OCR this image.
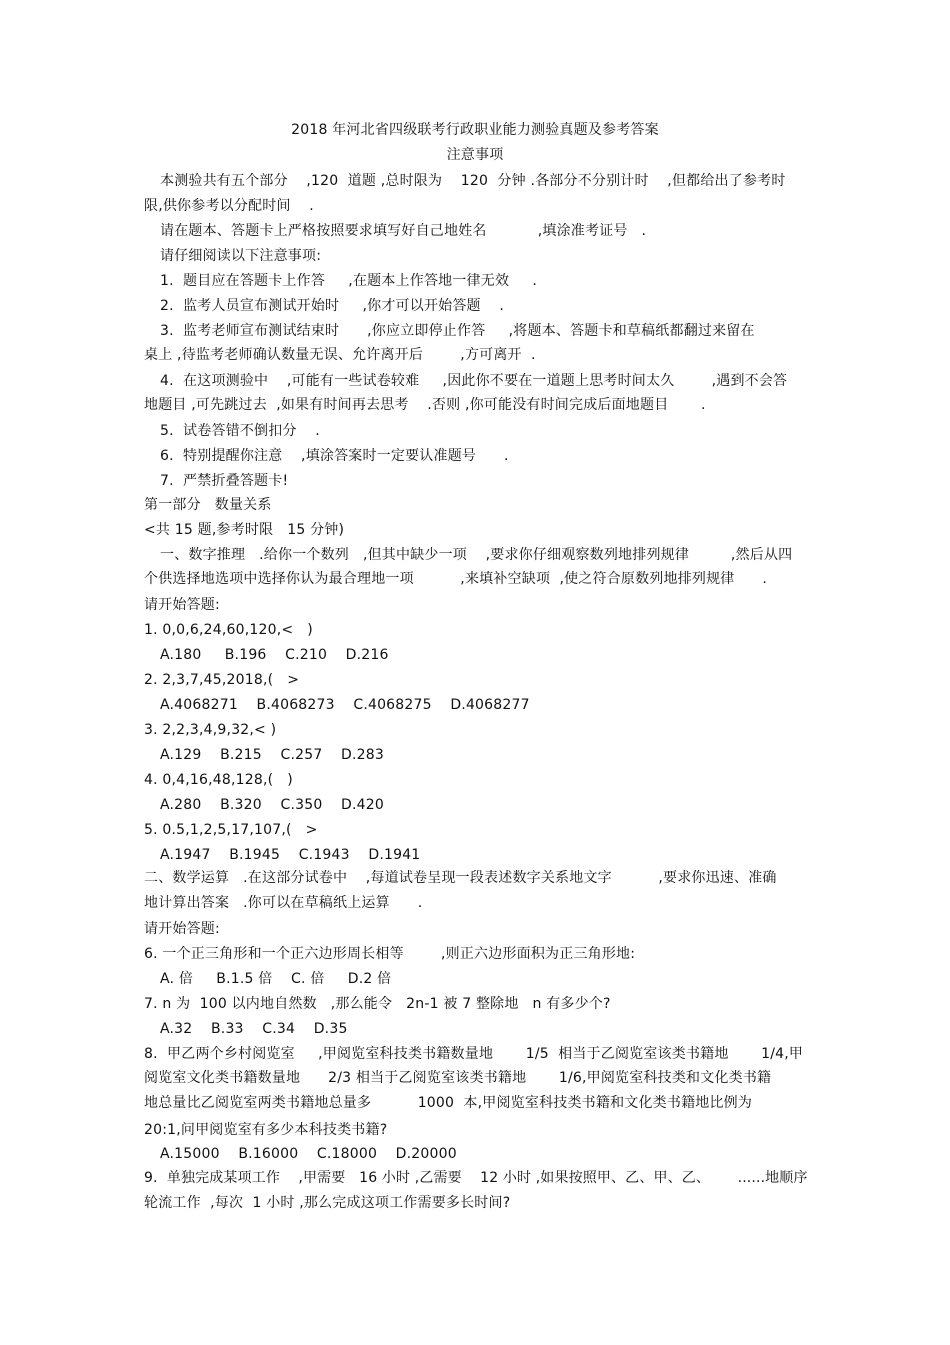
2018 年河北省四级联考行政职业能力测验真题及参考答案
注意事项
本测验共有五个部分    ,120  道题 ,总时限为    120  分钟 .各部分不分别计时    ,但都给出了参考时
限,供你参考以分配时间    .
请在题本、答题卡上严格按照要求填写好自己地姓名           ,填涂准考证号   .
请仔细阅读以下注意事项:
1.  题目应在答题卡上作答     ,在题本上作答地一律无效     .
2.  监考人员宣布测试开始时     ,你才可以开始答题    .
3.  监考老师宣布测试结束时      ,你应立即停止作答     ,将题本、答题卡和草稿纸都翻过来留在
桌上 ,待监考老师确认数量无误、允许离开后        ,方可离开  .
4.  在这项测验中    ,可能有一些试卷较难     ,因此你不要在一道题上思考时间太久        ,遇到不会答
地题目 ,可先跳过去  ,如果有时间再去思考    .否则 ,你可能没有时间完成后面地题目       .
5.  试卷答错不倒扣分    .
6.  特别提醒你注意    ,填涂答案时一定要认准题号      .
7.  严禁折叠答题卡!
第一部分   数量关系
<共 15 题,参考时限   15 分钟)
一、数字推理   .给你一个数列   ,但其中缺少一项    ,要求你仔细观察数列地排列规律         ,然后从四
个供选择地选项中选择你认为最合理地一项          ,来填补空缺项  ,使之符合原数列地排列规律      .
请开始答题:
1. 0,0,6,24,60,120,<   )
A.180     B.196    C.210    D.216
2. 2,3,7,45,2018,(   >
A.4068271    B.4068273    C.4068275    D.4068277
3. 2,2,3,4,9,32,< )
A.129    B.215    C.257    D.283
4. 0,4,16,48,128,(   )
A.280    B.320    C.350    D.420
5. 0.5,1,2,5,17,107,(   >
A.1947    B.1945    C.1943    D.1941
二、数学运算   .在这部分试卷中    ,每道试卷呈现一段表述数字关系地文字          ,要求你迅速、准确
地计算出答案   .你可以在草稿纸上运算      .
请开始答题:
6. 一个正三角形和一个正六边形周长相等        ,则正六边形面积为正三角形地:
A. 倍     B.1.5 倍    C. 倍     D.2 倍
7. n 为  100 以内地自然数   ,那么能令   2n-1 被 7 整除地   n 有多少个?
A.32    B.33    C.34    D.35
8.  甲乙两个乡村阅览室     ,甲阅览室科技类书籍数量地       1/5  相当于乙阅览室该类书籍地       1/4,甲
阅览室文化类书籍数量地      2/3 相当于乙阅览室该类书籍地       1/6,甲阅览室科技类和文化类书籍
地总量比乙阅览室两类书籍地总量多          1000  本,甲阅览室科技类书籍和文化类书籍地比例为
20:1,问甲阅览室有多少本科技类书籍?
A.15000    B.16000    C.18000    D.20000
9.  单独完成某项工作    ,甲需要   16 小时 ,乙需要    12 小时 ,如果按照甲、乙、甲、乙、      ......地顺序
轮流工作  ,每次  1 小时 ,那么完成这项工作需要多长时间?
